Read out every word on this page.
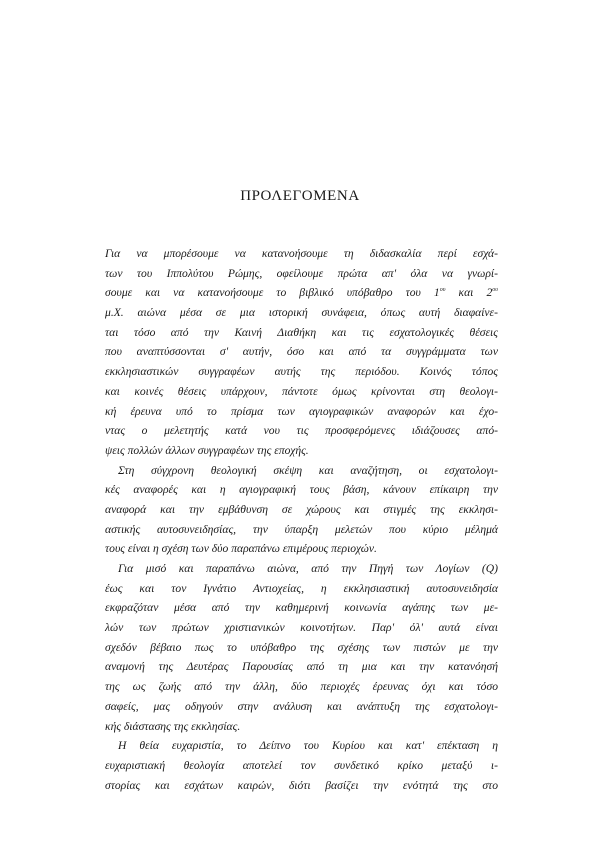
ΠΡΟΛΕΓΟΜΕΝΑ
Για να μπορέσουμε να κατανοήσουμε τη διδασκαλία περί εσχά-
των του Ιππολύτου Ρώμης, οφείλουμε πρώτα απ' όλα να γνωρί-
σουμε και να κατανοήσουμε το βιβλικό υπόβαθρο του $1^{o\upsilon}$ και $2^{o\upsilon}$
μ.Χ. αιώνα μέσα σε μια ιστορική συνάφεια, όπως αυτή διαφαίνε-
ται τόσο από την Καινή Διαθήκη και τις εσχατολογικές θέσεις
που αναπτύσσονται σ' αυτήν, όσο και από τα συγγράμματα των
εκκλησιαστικών συγγραφέων αυτής της περιόδου. Κοινός τόπος
και κοινές θέσεις υπάρχουν, πάντοτε όμως κρίνονται στη θεολογι-
κή έρευνα υπό το πρίσμα των αγιογραφικών αναφορών και έχο-
ντας ο μελετητής κατά νου τις προσφερόμενες ιδιάζουσες από-
ψεις πολλών άλλων συγγραφέων της εποχής.
Στη σύγχρονη θεολογική σκέψη και αναζήτηση, οι εσχατολογι-
κές αναφορές και η αγιογραφική τους βάση, κάνουν επίκαιρη την
αναφορά και την εμβάθυνση σε χώρους και στιγμές της εκκλησι-
αστικής αυτοσυνειδησίας, την ύπαρξη μελετών που κύριο μέλημά
τους είναι η σχέση των δύο παραπάνω επιμέρους περιοχών.
Για μισό και παραπάνω αιώνα, από την Πηγή των Λογίων (Q)
έως και τον Ιγνάτιο Αντιοχείας, η εκκλησιαστική αυτοσυνειδησία
εκφραζόταν μέσα από την καθημερινή κοινωνία αγάπης των με-
λών των πρώτων χριστιανικών κοινοτήτων. Παρ' όλ' αυτά είναι
σχεδόν βέβαιο πως το υπόβαθρο της σχέσης των πιστών με την
αναμονή της Δευτέρας Παρουσίας από τη μια και την κατανόησή
της ως ζωής από την άλλη, δύο περιοχές έρευνας όχι και τόσο
σαφείς, μας οδηγούν στην ανάλυση και ανάπτυξη της εσχατολογι-
κής διάστασης της εκκλησίας.
Η θεία ευχαριστία, το Δείπνο του Κυρίου και κατ' επέκταση η
ευχαριστιακή θεολογία αποτελεί τον συνδετικό κρίκο μεταξύ ι-
στορίας και εσχάτων καιρών, διότι βασίζει την ενότητά της στο
